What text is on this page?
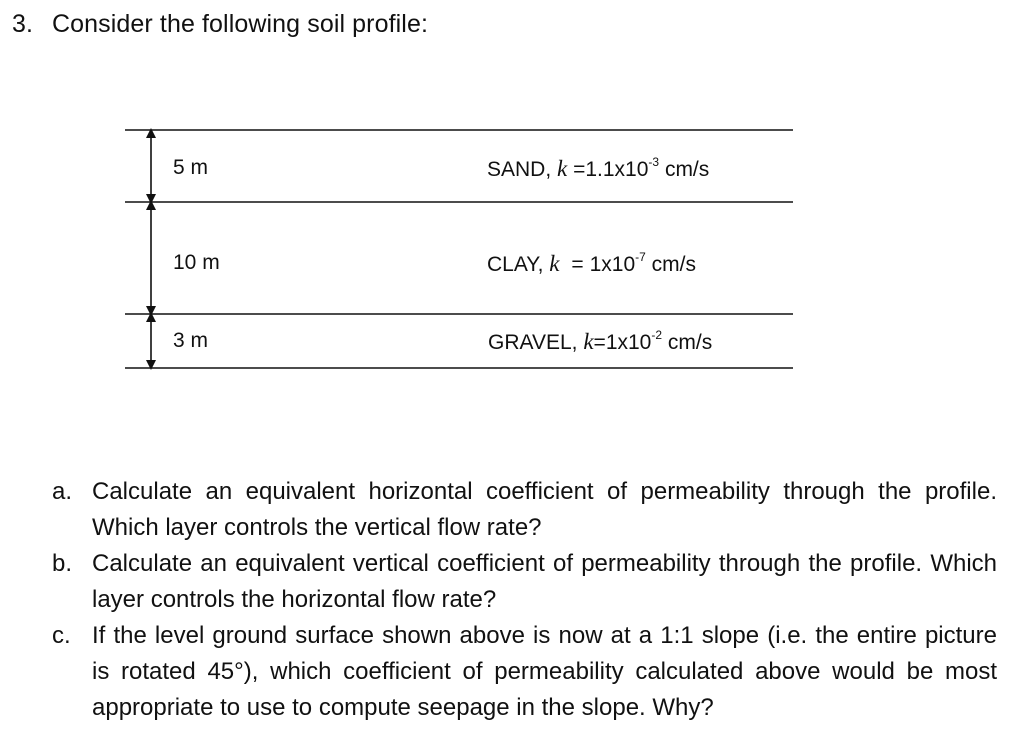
3. Consider the following soil profile:
5 m	SAND, $k =1.1x10^{-3}$ cm/s
10 m	CLAY, $k = 1x10^{-7}$ cm/s
3 m	GRAVEL, $k=1x10^{-2}$ cm/s
a. Calculate an equivalent horizontal coefficient of permeability through the profile. Which layer controls the vertical flow rate?
b. Calculate an equivalent vertical coefficient of permeability through the profile. Which layer controls the horizontal flow rate?
c. If the level ground surface shown above is now at a 1:1 slope (i.e. the entire picture is rotated 45°), which coefficient of permeability calculated above would be most appropriate to use to compute seepage in the slope. Why?
